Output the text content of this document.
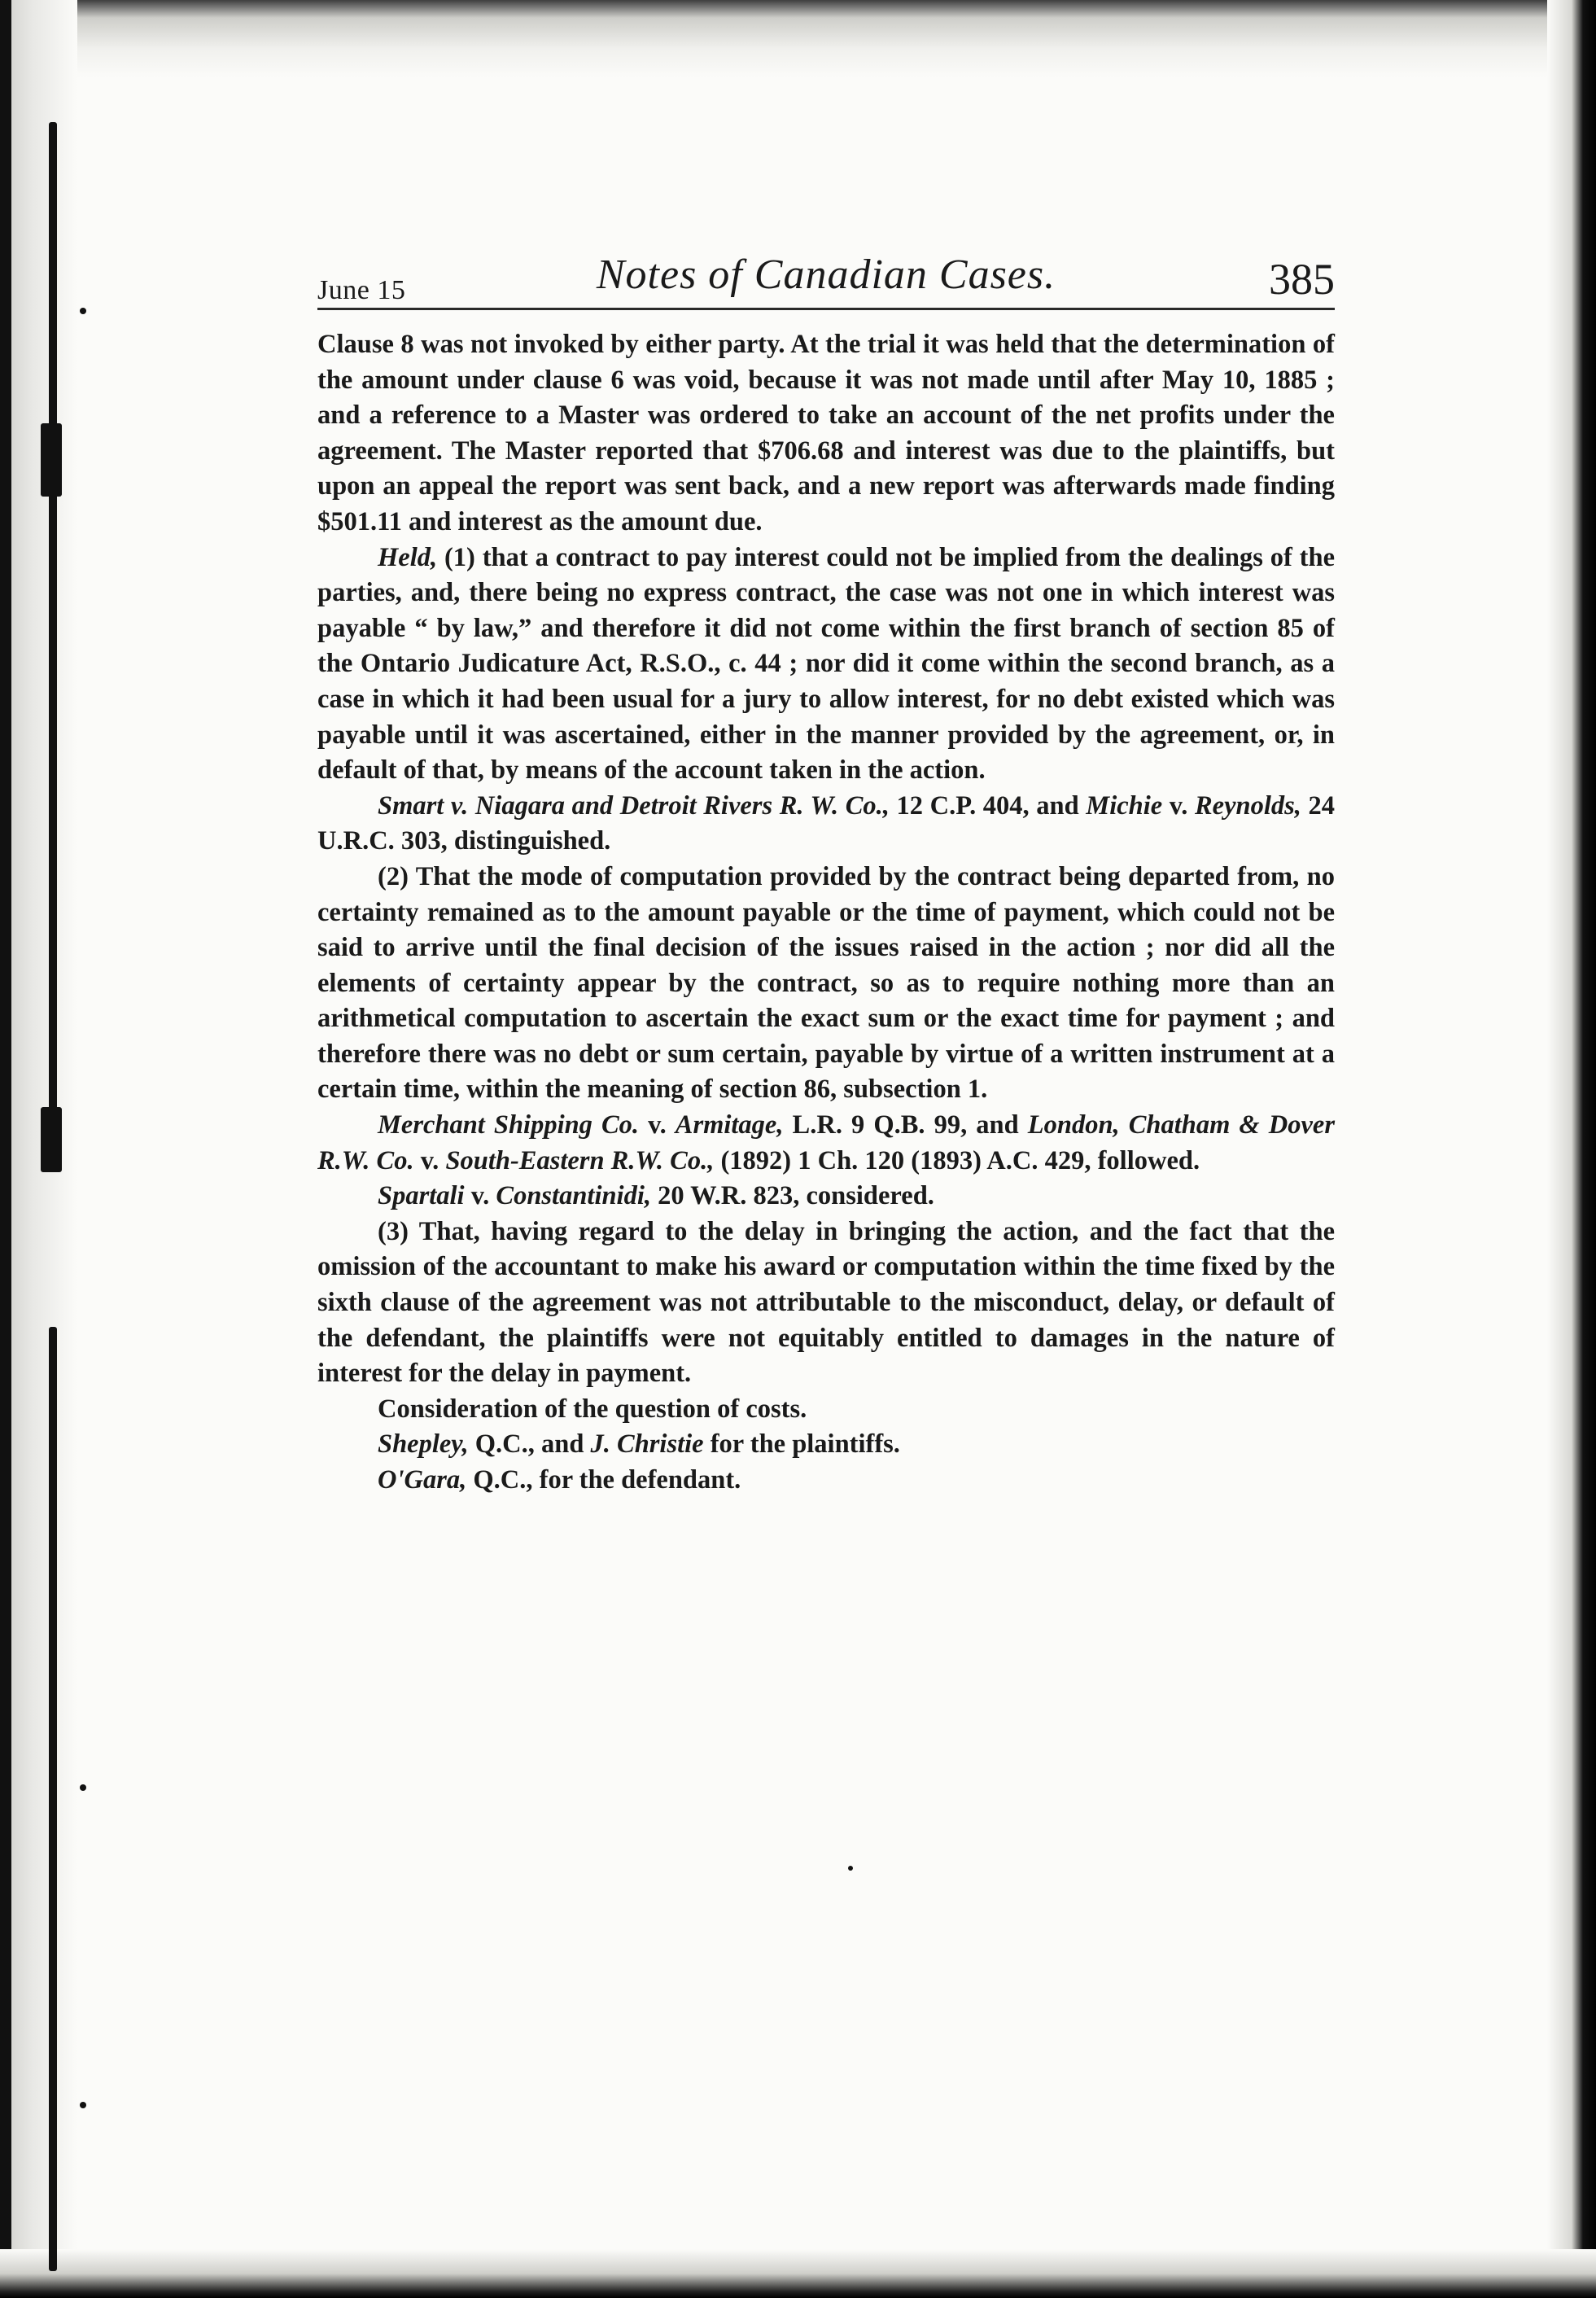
June 15	Notes of Canadian Cases.	385

Clause 8 was not invoked by either party. At the trial it was held that the determination of the amount under clause 6 was void, because it was not made until after May 10, 1885 ; and a reference to a Master was ordered to take an account of the net profits under the agreement. The Master reported that $706.68 and interest was due to the plaintiffs, but upon an appeal the report was sent back, and a new report was afterwards made finding $501.11 and interest as the amount due.

Held, (1) that a contract to pay interest could not be implied from the dealings of the parties, and, there being no express contract, the case was not one in which interest was payable “ by law,” and therefore it did not come within the first branch of section 85 of the Ontario Judicature Act, R.S.O., c. 44 ; nor did it come within the second branch, as a case in which it had been usual for a jury to allow interest, for no debt existed which was payable until it was ascertained, either in the manner provided by the agreement, or, in default of that, by means of the account taken in the action.

Smart v. Niagara and Detroit Rivers R. W. Co., 12 C.P. 404, and Michie v. Reynolds, 24 U.R.C. 303, distinguished.

(2) That the mode of computation provided by the contract being departed from, no certainty remained as to the amount payable or the time of payment, which could not be said to arrive until the final decision of the issues raised in the action ; nor did all the elements of certainty appear by the contract, so as to require nothing more than an arithmetical computation to ascertain the exact sum or the exact time for payment ; and therefore there was no debt or sum certain, payable by virtue of a written instrument at a certain time, within the meaning of section 86, subsection 1.

Merchant Shipping Co. v. Armitage, L.R. 9 Q.B. 99, and London, Chatham & Dover R.W. Co. v. South-Eastern R.W. Co., (1892) 1 Ch. 120 (1893) A.C. 429, followed.

Spartali v. Constantinidi, 20 W.R. 823, considered.

(3) That, having regard to the delay in bringing the action, and the fact that the omission of the accountant to make his award or computation within the time fixed by the sixth clause of the agreement was not attributable to the misconduct, delay, or default of the defendant, the plaintiffs were not equitably entitled to damages in the nature of interest for the delay in payment.

Consideration of the question of costs.

Shepley, Q.C., and J. Christie for the plaintiffs.

O'Gara, Q.C., for the defendant.
